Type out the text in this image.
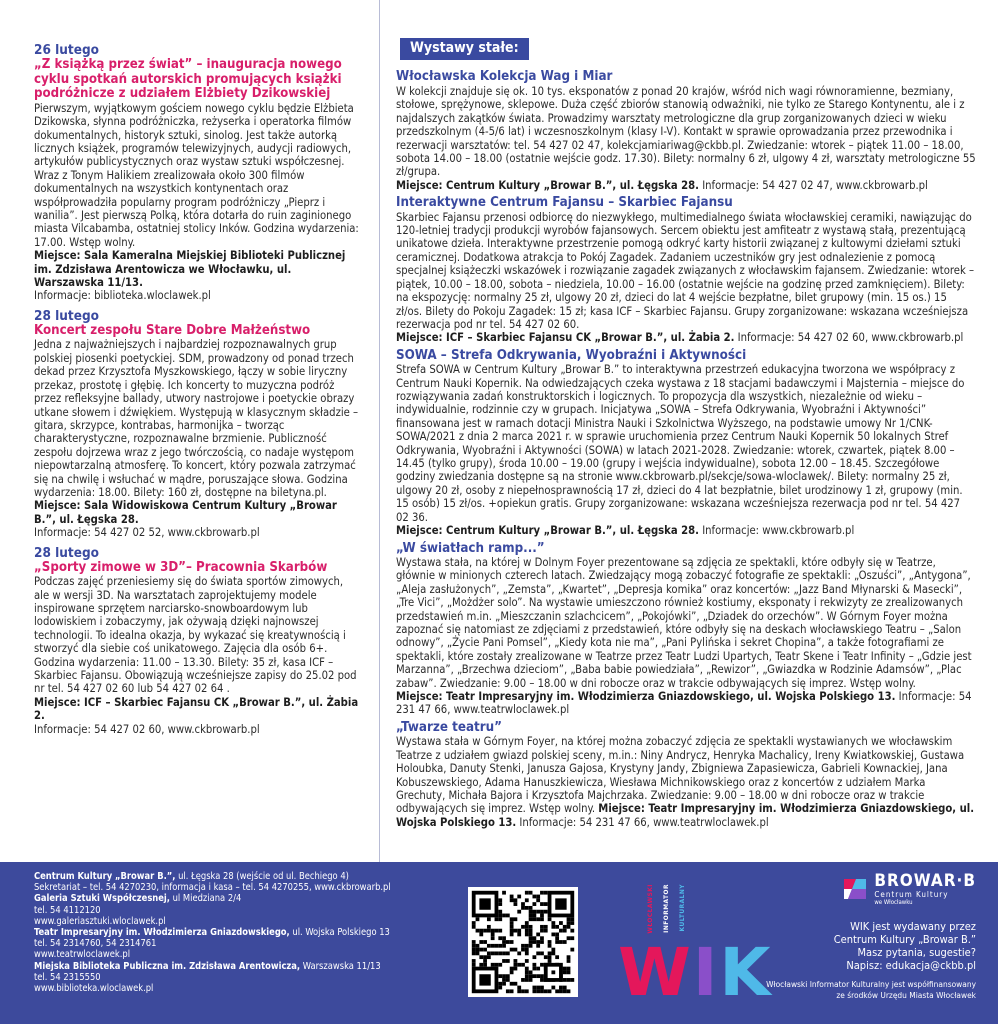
26 lutego
„Z książką przez świat” – inauguracja nowego cyklu spotkań autorskich promujących książki podróżnicze z udziałem Elżbiety Dzikowskiej

Pierwszym, wyjątkowym gościem nowego cyklu będzie Elżbieta Dzikowska, słynna podróżniczka, reżyserka i operatorka filmów dokumentalnych, historyk sztuki, sinolog. Jest także autorką licznych książek, programów telewizyjnych, audycji radiowych, artykułów publicystycznych oraz wystaw sztuki współczesnej. Wraz z Tonym Halikiem zrealizowała około 300 filmów dokumentalnych na wszystkich kontynentach oraz współprowadziła popularny program podróżniczy „Pieprz i wanilia”. Jest pierwszą Polką, która dotarła do ruin zaginionego miasta Vilcabamba, ostatniej stolicy Inków. Godzina wydarzenia: 17.00. Wstęp wolny.

Miejsce: Sala Kameralna Miejskiej Biblioteki Publicznej im. Zdzisława Arentowicza we Włocławku, ul. Warszawska 11/13.
Informacje: biblioteka.wloclawek.pl
28 lutego
Koncert zespołu Stare Dobre Małżeństwo

Jedna z najważniejszych i najbardziej rozpoznawalnych grup polskiej piosenki poetyckiej. SDM, prowadzony od ponad trzech dekad przez Krzysztofa Myszkowskiego, łączy w sobie liryczny przekaz, prostotę i głębię. Ich koncerty to muzyczna podróż przez refleksyjne ballady, utwory nastrojowe i poetyckie obrazy utkane słowem i dźwiękiem. Występują w klasycznym składzie – gitara, skrzypce, kontrabas, harmonijka – tworząc charakterystyczne, rozpoznawalne brzmienie. Publiczność zespołu dojrzewa wraz z jego twórczością, co nadaje występom niepowtarzalną atmosferę. To koncert, który pozwala zatrzymać się na chwilę i wsłuchać w mądre, poruszające słowa. Godzina wydarzenia: 18.00. Bilety: 160 zł, dostępne na biletyna.pl.

Miejsce: Sala Widowiskowa Centrum Kultury „Browar B.”, ul. Łęgska 28.
Informacje: 54 427 02 52, www.ckbrowarb.pl
28 lutego
„Sporty zimowe w 3D”– Pracownia Skarbów

Podczas zajęć przeniesiemy się do świata sportów zimowych, ale w wersji 3D. Na warsztatach zaprojektujemy modele inspirowane sprzętem narciarsko-snowboardowym lub lodowiskiem i zobaczymy, jak ożywają dzięki najnowszej technologii. To idealna okazja, by wykazać się kreatywnością i stworzyć dla siebie coś unikatowego. Zajęcia dla osób 6+. Godzina wydarzenia: 11.00 – 13.30. Bilety: 35 zł, kasa ICF – Skarbiec Fajansu. Obowiązują wcześniejsze zapisy do 25.02 pod nr tel. 54 427 02 60 lub 54 427 02 64 .

Miejsce: ICF – Skarbiec Fajansu CK „Browar B.”, ul. Żabia 2.
Informacje: 54 427 02 60, www.ckbrowarb.pl
Wystawy stałe:
Włocławska Kolekcja Wag i Miar
W kolekcji znajduje się ok. 10 tys. eksponatów z ponad 20 krajów, wśród nich wagi równoramienne, bezmiany, stołowe, sprężynowe, sklepowe. Duża część zbiorów stanowią odważniki, nie tylko ze Starego Kontynentu, ale i z najdalszych zakątków świata. Prowadzimy warsztaty metrologiczne dla grup zorganizowanych dzieci w wieku przedszkolnym (4-5/6 lat) i wczesnoszkolnym (klasy I-V). Kontakt w sprawie oprowadzania przez przewodnika i rezerwacji warsztatów: tel. 54 427 02 47, kolekcjamiariwag@ckbb.pl. Zwiedzanie: wtorek – piątek 11.00 – 18.00, sobota 14.00 – 18.00 (ostatnie wejście godz. 17.30). Bilety: normalny 6 zł, ulgowy 4 zł, warsztaty metrologiczne 55 zł/grupa.
Miejsce: Centrum Kultury „Browar B.”, ul. Łęgska 28. Informacje: 54 427 02 47, www.ckbrowarb.pl
Interaktywne Centrum Fajansu – Skarbiec Fajansu
Skarbiec Fajansu przenosi odbiorcę do niezwykłego, multimedialnego świata włocławskiej ceramiki, nawiązując do 120-letniej tradycji produkcji wyrobów fajansowych. Sercem obiektu jest amfiteatr z wystawą stałą, prezentującą unikatowe dzieła. Interaktywne przestrzenie pomogą odkryć karty historii związanej z kultowymi dziełami sztuki ceramicznej. Dodatkowa atrakcja to Pokój Zagadek. Zadaniem uczestników gry jest odnalezienie z pomocą specjalnej książeczki wskazówek i rozwiązanie zagadek związanych z włocławskim fajansem. Zwiedzanie: wtorek – piątek, 10.00 – 18.00, sobota – niedziela, 10.00 – 16.00 (ostatnie wejście na godzinę przed zamknięciem). Bilety: na ekspozycję: normalny 25 zł, ulgowy 20 zł, dzieci do lat 4 wejście bezpłatne, bilet grupowy (min. 15 os.) 15 zł/os. Bilety do Pokoju Zagadek: 15 zł; kasa ICF – Skarbiec Fajansu. Grupy zorganizowane: wskazana wcześniejsza rezerwacja pod nr tel. 54 427 02 60.
Miejsce: ICF – Skarbiec Fajansu CK „Browar B.”, ul. Żabia 2. Informacje: 54 427 02 60, www.ckbrowarb.pl
SOWA – Strefa Odkrywania, Wyobraźni i Aktywności
Strefa SOWA w Centrum Kultury „Browar B.” to interaktywna przestrzeń edukacyjna tworzona we współpracy z Centrum Nauki Kopernik. Na odwiedzających czeka wystawa z 18 stacjami badawczymi i Majsternia – miejsce do rozwiązywania zadań konstruktorskich i logicznych. To propozycja dla wszystkich, niezależnie od wieku – indywidualnie, rodzinnie czy w grupach. Inicjatywa „SOWA – Strefa Odkrywania, Wyobraźni i Aktywności” finansowana jest w ramach dotacji Ministra Nauki i Szkolnictwa Wyższego, na podstawie umowy Nr 1/CNK-SOWA/2021 z dnia 2 marca 2021 r. w sprawie uruchomienia przez Centrum Nauki Kopernik 50 lokalnych Stref Odkrywania, Wyobraźni i Aktywności (SOWA) w latach 2021-2028. Zwiedzanie: wtorek, czwartek, piątek 8.00 – 14.45 (tylko grupy), środa 10.00 – 19.00 (grupy i wejścia indywidualne), sobota 12.00 – 18.45. Szczegółowe godziny zwiedzania dostępne są na stronie www.ckbrowarb.pl/sekcje/sowa-wloclawek/. Bilety: normalny 25 zł, ulgowy 20 zł, osoby z niepełnosprawnością 17 zł, dzieci do 4 lat bezpłatnie, bilet urodzinowy 1 zł, grupowy (min. 15 osób) 15 zł/os. +opiekun gratis. Grupy zorganizowane: wskazana wcześniejsza rezerwacja pod nr tel. 54 427 02 36.
Miejsce: Centrum Kultury „Browar B.”, ul. Łęgska 28. Informacje: www.ckbrowarb.pl
„W światłach ramp...”
Wystawa stała, na której w Dolnym Foyer prezentowane są zdjęcia ze spektakli, które odbyły się w Teatrze, głównie w minionych czterech latach. Zwiedzający mogą zobaczyć fotografie ze spektakli: „Oszuści”, „Antygona”, „Aleja zasłużonych”, „Zemsta”, „Kwartet”, „Depresja komika” oraz koncertów: „Jazz Band Młynarski & Masecki”, „Tre Vici”, „Możdżer solo”. Na wystawie umieszczono również kostiumy, eksponaty i rekwizyty ze zrealizowanych przedstawień m.in. „Mieszczanin szlachcicem”, „Pokojówki”, „Dziadek do orzechów”. W Górnym Foyer można zapoznać się natomiast ze zdjęciami z przedstawień, które odbyły się na deskach włocławskiego Teatru – „Salon odnowy”, „Życie Pani Pomsel”, „Kiedy kota nie ma”, „Pani Pylińska i sekret Chopina”, a także fotografiami ze spektakli, które zostały zrealizowane w Teatrze przez Teatr Ludzi Upartych, Teatr Skene i Teatr Infinity – „Gdzie jest Marzanna”, „Brzechwa dzieciom”, „Baba babie powiedziała”, „Rewizor”, „Gwiazdka w Rodzinie Adamsów”, „Plac zabaw”. Zwiedzanie: 9.00 – 18.00 w dni robocze oraz w trakcie odbywających się imprez. Wstęp wolny.
Miejsce: Teatr Impresaryjny im. Włodzimierza Gniazdowskiego, ul. Wojska Polskiego 13. Informacje: 54 231 47 66, www.teatrwloclawek.pl
„Twarze teatru”
Wystawa stała w Górnym Foyer, na której można zobaczyć zdjęcia ze spektakli wystawianych we włocławskim Teatrze z udziałem gwiazd polskiej sceny, m.in.: Niny Andrycz, Henryka Machalicy, Ireny Kwiatkowskiej, Gustawa Holoubka, Danuty Stenki, Janusza Gajosa, Krystyny Jandy, Zbigniewa Zapasiewicza, Gabrieli Kownackiej, Jana Kobuszewskiego, Adama Hanuszkiewicza, Wiesława Michnikowskiego oraz z koncertów z udziałem Marka Grechuty, Michała Bajora i Krzysztofa Majchrzaka. Zwiedzanie: 9.00 – 18.00 w dni robocze oraz w trakcie odbywających się imprez. Wstęp wolny. Miejsce: Teatr Impresaryjny im. Włodzimierza Gniazdowskiego, ul. Wojska Polskiego 13. Informacje: 54 231 47 66, www.teatrwloclawek.pl
Centrum Kultury „Browar B.”, ul. Łęgska 28 (wejście od ul. Bechiego 4)
Sekretariat – tel. 54 4270230, informacja i kasa – tel. 54 4270255, www.ckbrowarb.pl
Galeria Sztuki Współczesnej, ul Miedziana 2/4
tel. 54 4112120
www.galeriasztuki.wloclawek.pl
Teatr Impresaryjny im. Włodzimierza Gniazdowskiego, ul. Wojska Polskiego 13
tel. 54 2314760, 54 2314761
www.teatrwloclawek.pl
Miejska Biblioteka Publiczna im. Zdzisława Arentowicza, Warszawska 11/13
tel. 54 2315550
www.biblioteka.wloclawek.pl
WŁOCŁAWSKI INFORMATOR KULTURALNY
WIK
BROWAR·B
Centrum Kultury
we Włocławku
WIK jest wydawany przez
Centrum Kultury „Browar B.”
Masz pytania, sugestie?
Napisz: edukacja@ckbb.pl
Włocławski Informator Kulturalny jest współfinansowany
ze środków Urzędu Miasta Włocławek
